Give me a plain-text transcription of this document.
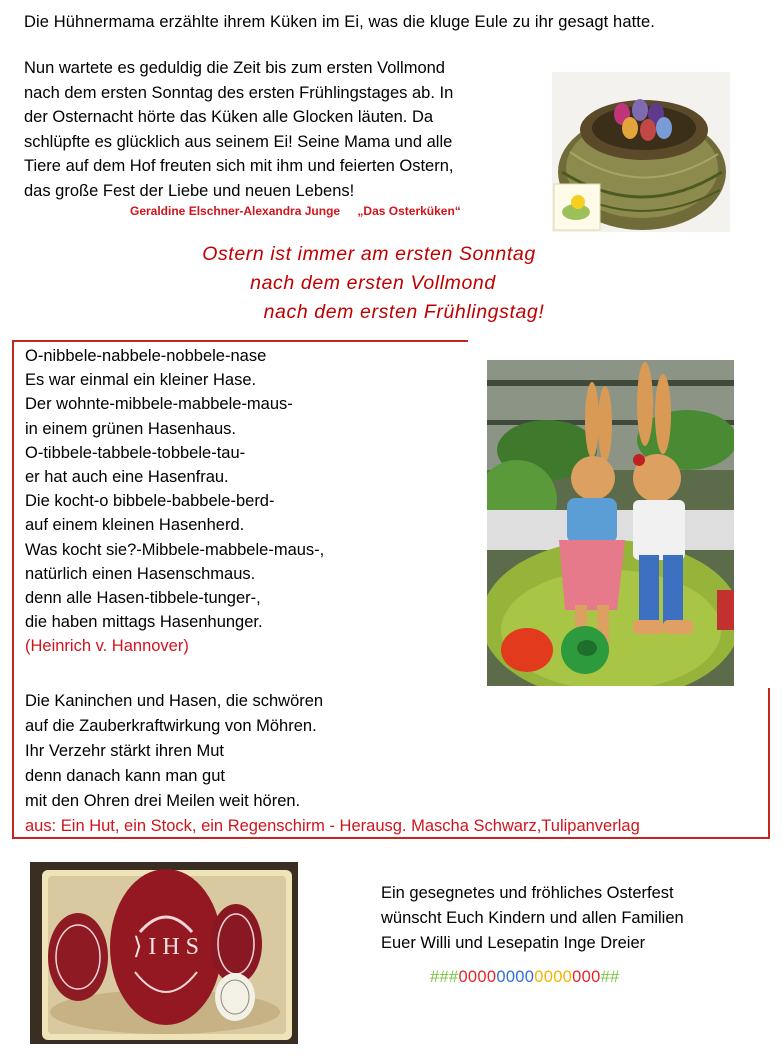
Die Hühnermama erzählte ihrem Küken im Ei, was die kluge Eule zu ihr gesagt hatte.
Nun wartete es geduldig die Zeit bis zum ersten Vollmond
nach dem ersten Sonntag des ersten Frühlingstages ab. In
der Osternacht hörte das Küken alle Glocken läuten. Da
schlüpfte es glücklich aus seinem Ei! Seine Mama und alle
Tiere auf dem Hof freuten sich mit ihm und feierten Ostern,
das große Fest der Liebe und neuen Lebens!
Geraldine Elschner-Alexandra Junge „Das Osterküken“
Ostern ist immer am ersten Sonntag
nach dem ersten Vollmond
nach dem ersten Frühlingstag!
O-nibbele-nabbele-nobbele-nase
Es war einmal ein kleiner Hase.
Der wohnte-mibbele-mabbele-maus-
in einem grünen Hasenhaus.
O-tibbele-tabbele-tobbele-tau-
er hat auch eine Hasenfrau.
Die kocht-o bibbele-babbele-berd-
auf einem kleinen Hasenherd.
Was kocht sie?-Mibbele-mabbele-maus-,
natürlich einen Hasenschmaus.
denn alle Hasen-tibbele-tunger-,
die haben mittags Hasenhunger.
(Heinrich v. Hannover)
Die Kaninchen und Hasen, die schwören
auf die Zauberkraftwirkung von Möhren.
Ihr Verzehr stärkt ihren Mut
denn danach kann man gut
mit den Ohren drei Meilen weit hören.
aus: Ein Hut, ein Stock, ein Regenschirm - Herausg. Mascha Schwarz,Tulipanverlag
⟩ I H S
Ein gesegnetes und fröhliches Osterfest
wünscht Euch Kindern und allen Familien
Euer Willi und Lesepatin Inge Dreier
###000000000000000##
